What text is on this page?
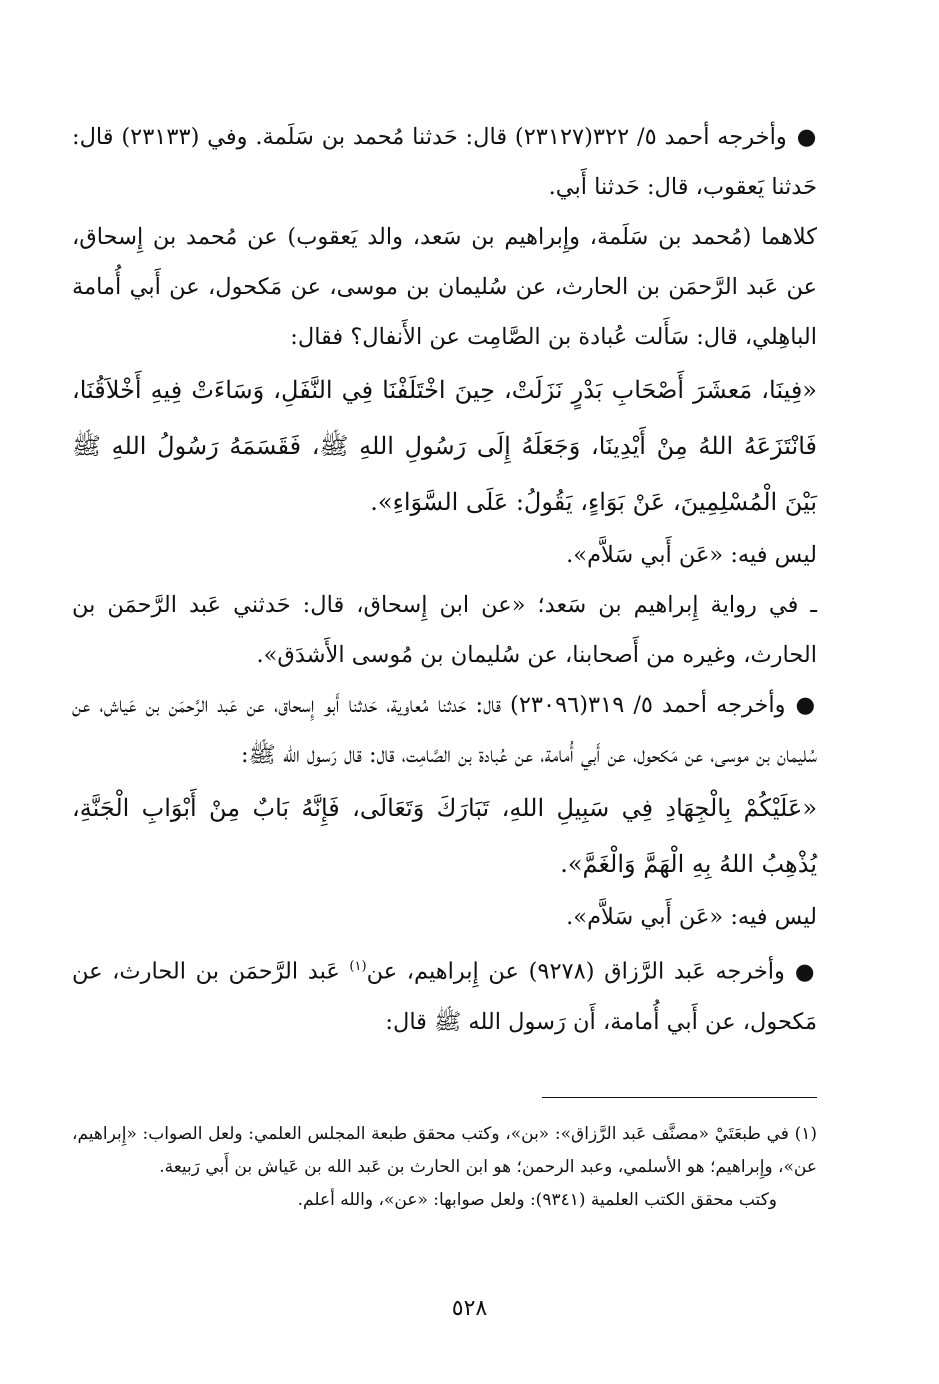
●وأخرجه أحمد ٥/ ٣٢٢(٢٣١٢٧) قال: حَدثنا مُحمد بن سَلَمة. وفي (٢٣١٣٣) قال: حَدثنا يَعقوب، قال: حَدثنا أَبي.

كلاهما (مُحمد بن سَلَمة، وإِبراهيم بن سَعد، والد يَعقوب) عن مُحمد بن إِسحاق، عن عَبد الرَّحمَن بن الحارث، عن سُليمان بن موسى، عن مَكحول، عن أَبي أُمامة الباهِلي، قال: سَأَلت عُبادة بن الصَّامِت عن الأَنفال؟ فقال:

«فِينَا، مَعشَرَ أَصْحَابِ بَدْرٍ نَزَلَتْ، حِينَ اخْتَلَفْنَا فِي النَّفَلِ، وَسَاءَتْ فِيهِ أَخْلاَقُنَا، فَانْتَزَعَهُ اللهُ مِنْ أَيْدِينَا، وَجَعَلَهُ إِلَى رَسُولِ اللهِ ﷺ، فَقَسَمَهُ رَسُولُ اللهِ ﷺ بَيْنَ الْمُسْلِمِينَ، عَنْ بَوَاءٍ، يَقُولُ: عَلَى السَّوَاءِ».

ليس فيه: «عَن أَبي سَلاَّم».

ـ في رواية إِبراهيم بن سَعد؛ «عن ابن إِسحاق، قال: حَدثني عَبد الرَّحمَن بن الحارث، وغيره من أَصحابنا، عن سُليمان بن مُوسى الأَشدَق».

●وأخرجه أحمد ٥/ ٣١٩(٢٣٠٩٦) قال: حَدثنا مُعاوية، حَدثنا أَبو إِسحاق، عن عَبد الرَّحمَن بن عَياش، عن سُليمان بن موسى، عن مَكحول، عن أَبي أُمامة، عن عُبادة بن الصَّامِت، قال: قال رَسول الله ﷺ:

«عَلَيْكُمْ بِالْجِهَادِ فِي سَبِيلِ اللهِ، تَبَارَكَ وَتَعَالَى، فَإِنَّهُ بَابٌ مِنْ أَبْوَابِ الْجَنَّةِ، يُذْهِبُ اللهُ بِهِ الْهَمَّ وَالْغَمَّ».

ليس فيه: «عَن أَبي سَلاَّم».

●وأخرجه عَبد الرَّزاق (٩٢٧٨) عن إِبراهيم، عن$^{(١)}$ عَبد الرَّحمَن بن الحارث، عن مَكحول، عن أَبي أُمامة، أَن رَسول الله ﷺ قال:

(١) في طبعَتَيْ «مصنَّف عَبد الرَّزاق»: «بن»، وكتب محقق طبعة المجلس العلمي: ولعل الصواب: «إِبراهيم، عن»، وإِبراهيم؛ هو الأسلمي، وعبد الرحمن؛ هو ابن الحارث بن عَبد الله بن عَياش بن أَبي رَبيعة.

وكتب محقق الكتب العلمية (٩٣٤١): ولعل صوابها: «عن»، والله أعلم.

٥٢٨
